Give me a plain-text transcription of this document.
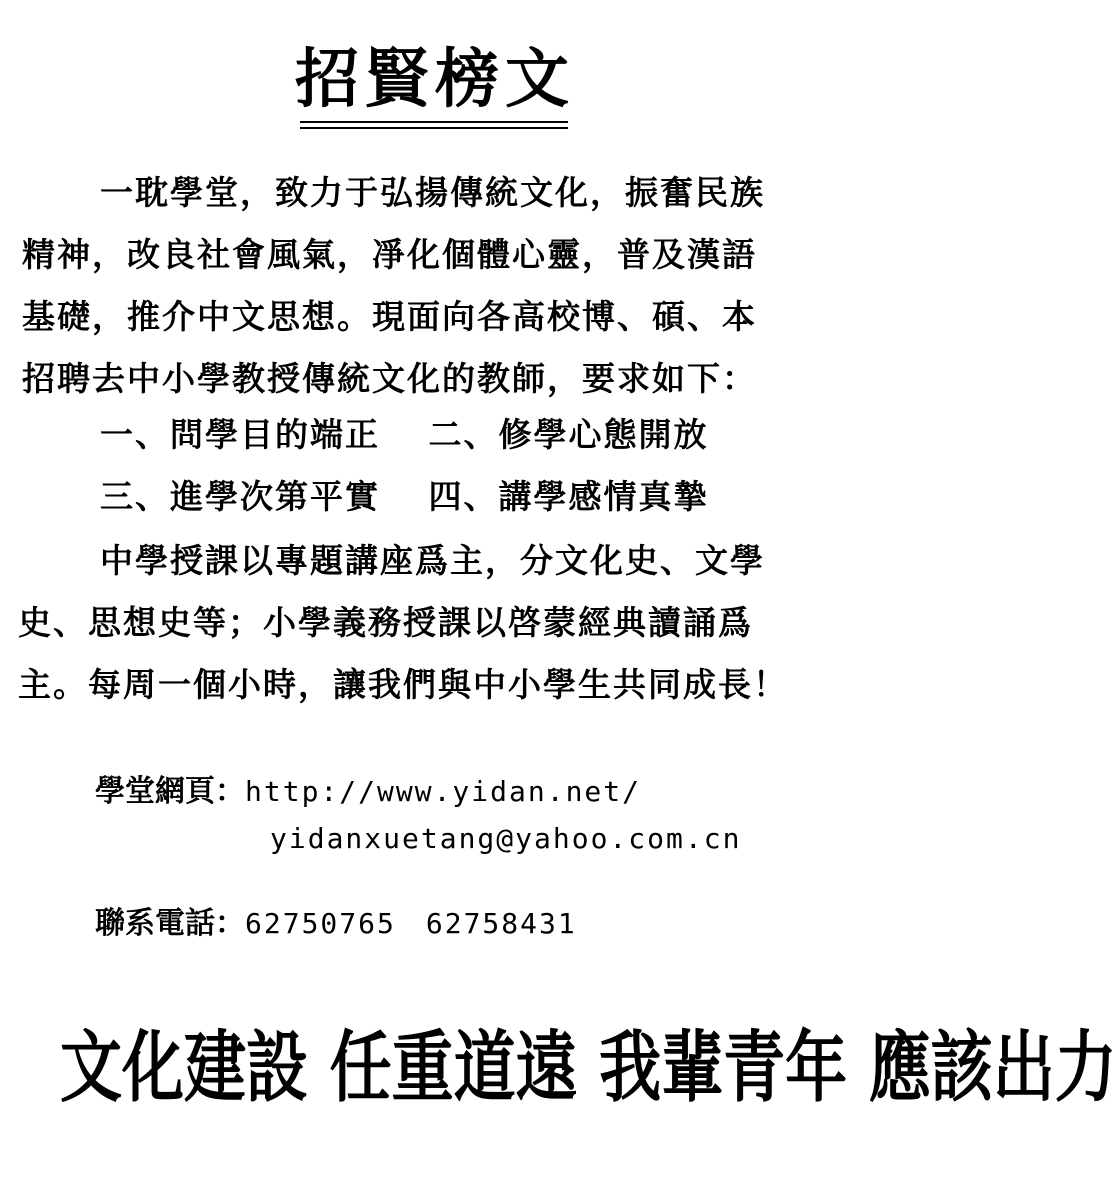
招賢榜文
一耽學堂，致力于弘揚傳統文化，振奮民族
精神，改良社會風氣，凈化個體心靈，普及漢語
基礎，推介中文思想。現面向各高校博、碩、本
招聘去中小學教授傳統文化的教師，要求如下：
一、問學目的端正　 二、修學心態開放
三、進學次第平實　 四、講學感情真摯
中學授課以專題講座爲主，分文化史、文學
史、思想史等；小學義務授課以啓蒙經典讀誦爲
主。每周一個小時，讓我們與中小學生共同成長！
學堂網頁：http://www.yidan.net/
yidanxuetang@yahoo.com.cn
聯系電話：62750765　62758431
文化建設 任重道遠 我輩青年 應該出力
